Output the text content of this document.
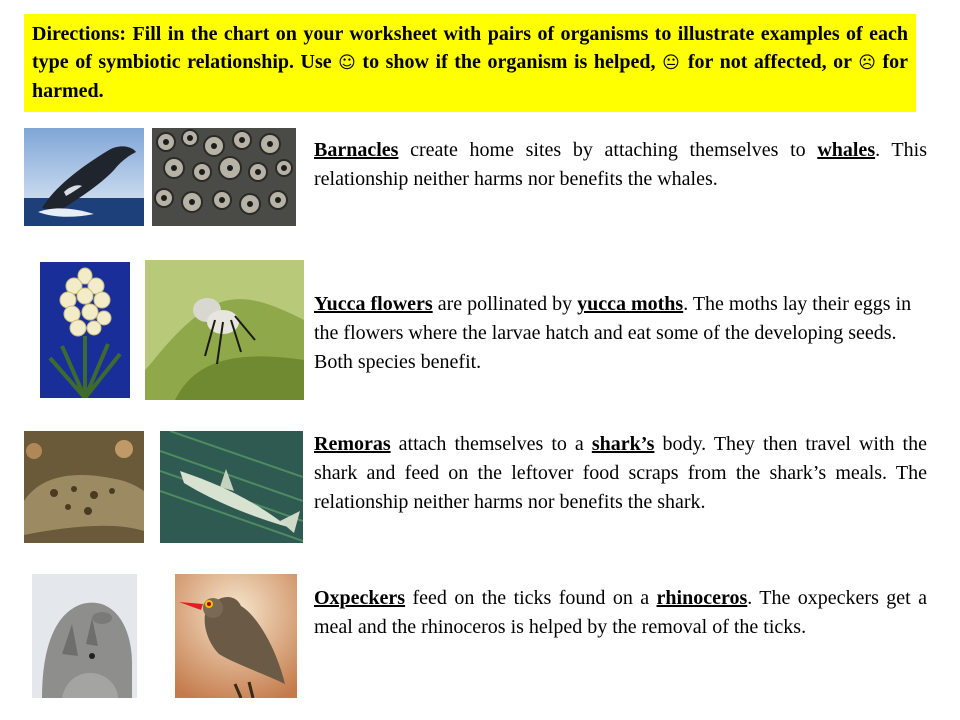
Directions: Fill in the chart on your worksheet with pairs of organisms to illustrate examples of each type of symbiotic relationship. Use ☺ to show if the organism is helped, 😐 for not affected, or ☹ for harmed.
Barnacles create home sites by attaching themselves to whales. This relationship neither harms nor benefits the whales.
Yucca flowers are pollinated by yucca moths. The moths lay their eggs in the flowers where the larvae hatch and eat some of the developing seeds. Both species benefit.
Remoras attach themselves to a shark’s body. They then travel with the shark and feed on the leftover food scraps from the shark’s meals. The relationship neither harms nor benefits the shark.
Oxpeckers feed on the ticks found on a rhinoceros. The oxpeckers get a meal and the rhinoceros is helped by the removal of the ticks.
